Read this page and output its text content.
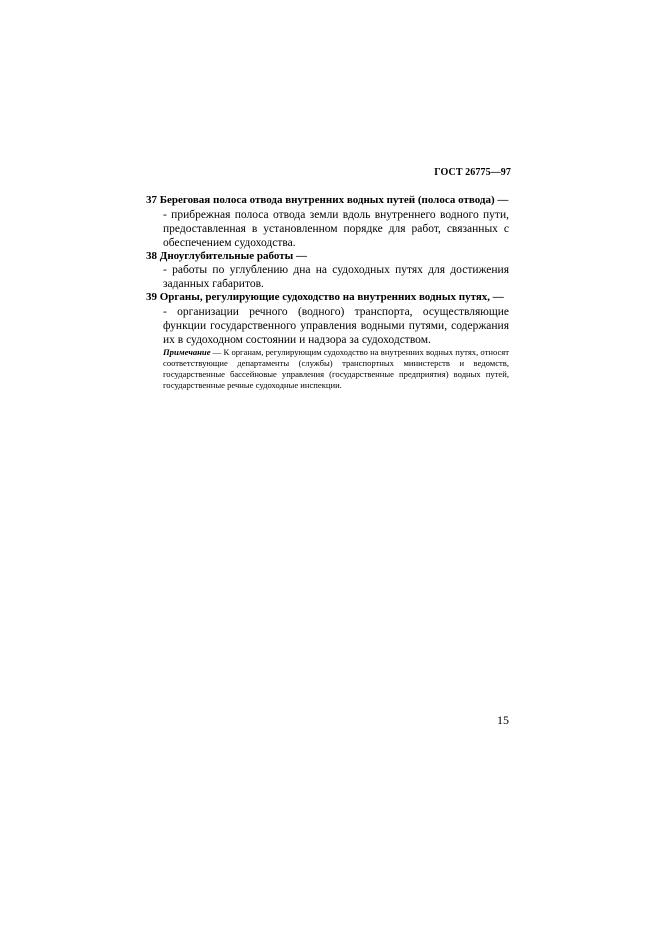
ГОСТ 26775—97
37 Береговая полоса отвода внутренних водных путей (полоса отвода) —
- прибрежная полоса отвода земли вдоль внутреннего водного пути, предоставленная в установленном порядке для работ, связанных с обеспечением судоходства.
38 Дноуглубительные работы —
- работы по углублению дна на судоходных путях для достижения заданных габаритов.
39 Органы, регулирующие судоходство на внутренних водных путях, —
- организации речного (водного) транспорта, осуществляющие функции государственного управления водными путями, содержания их в судоходном состоянии и надзора за судоходством.
Примечание — К органам, регулирующим судоходство на внутренних водных путях, относят соответствующие департаменты (службы) транспортных министерств и ведомств, государственные бассейновые управления (государственные предприятия) водных путей, государственные речные судоходные инспекции.
15
